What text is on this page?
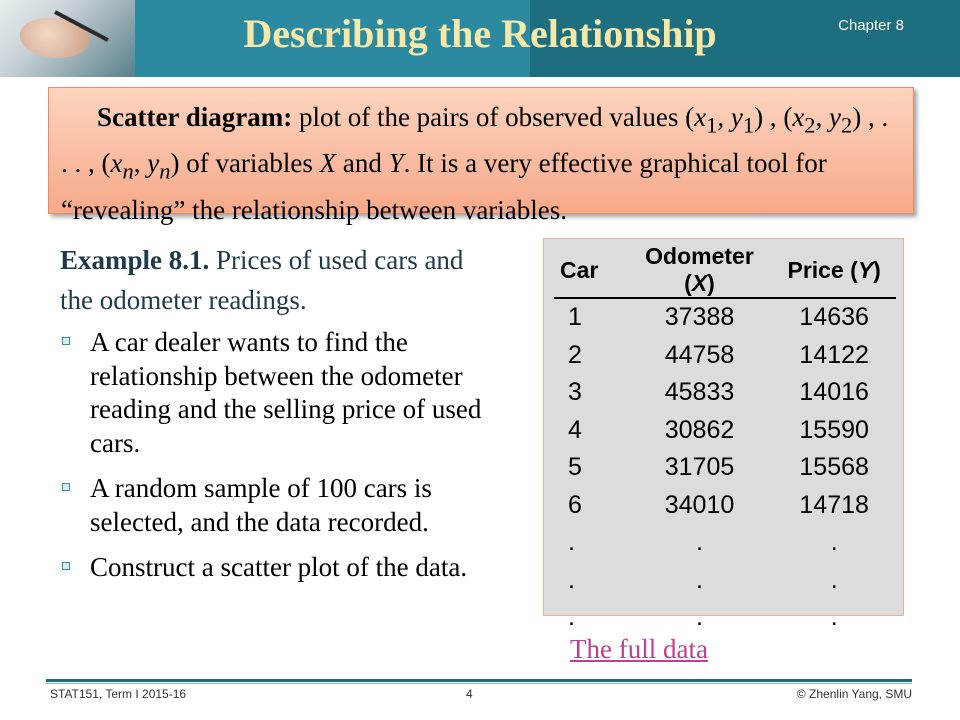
Describing the Relationship	Chapter 8
Scatter diagram: plot of the pairs of observed values ($x_1$, $y_1$) , ($x_2$, $y_2$) , . . . , ($x_n$, $y_n$) of variables X and Y. It is a very effective graphical tool for “revealing” the relationship between variables.
Example 8.1. Prices of used cars and the odometer readings.
A car dealer wants to find the relationship between the odometer reading and the selling price of used cars.
A random sample of 100 cars is selected, and the data recorded.
Construct a scatter plot of the data.
Car	Odometer (X)	Price (Y)
1	37388	14636
2	44758	14122
3	45833	14016
4	30862	15590
5	31705	15568
6	34010	14718
.	.	.
.	.	.
.	.	.
The full data
STAT151, Term I 2015-16	4	© Zhenlin Yang, SMU
